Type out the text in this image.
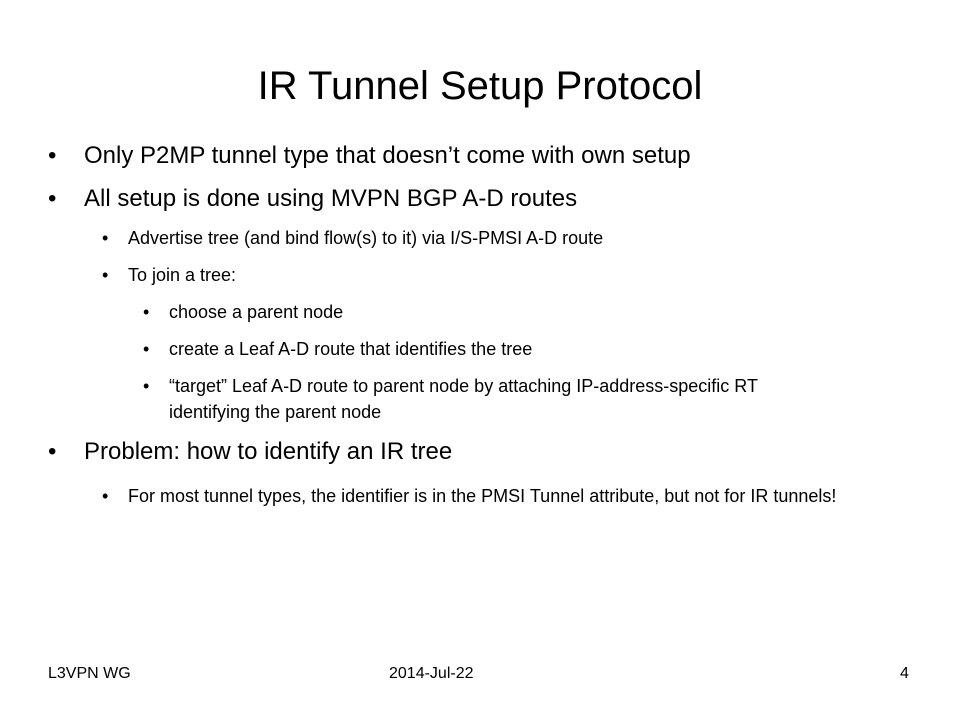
IR Tunnel Setup Protocol
•	Only P2MP tunnel type that doesn’t come with own setup
•	All setup is done using MVPN BGP A-D routes
•	Advertise tree (and bind flow(s) to it) via I/S-PMSI A-D route
•	To join a tree:
•	choose a parent node
•	create a Leaf A-D route that identifies the tree
•	“target” Leaf A-D route to parent node by attaching IP-address-specific RT identifying the parent node
•	Problem: how to identify an IR tree
•	For most tunnel types, the identifier is in the PMSI Tunnel attribute, but not for IR tunnels!
L3VPN WG	2014-Jul-22	4
